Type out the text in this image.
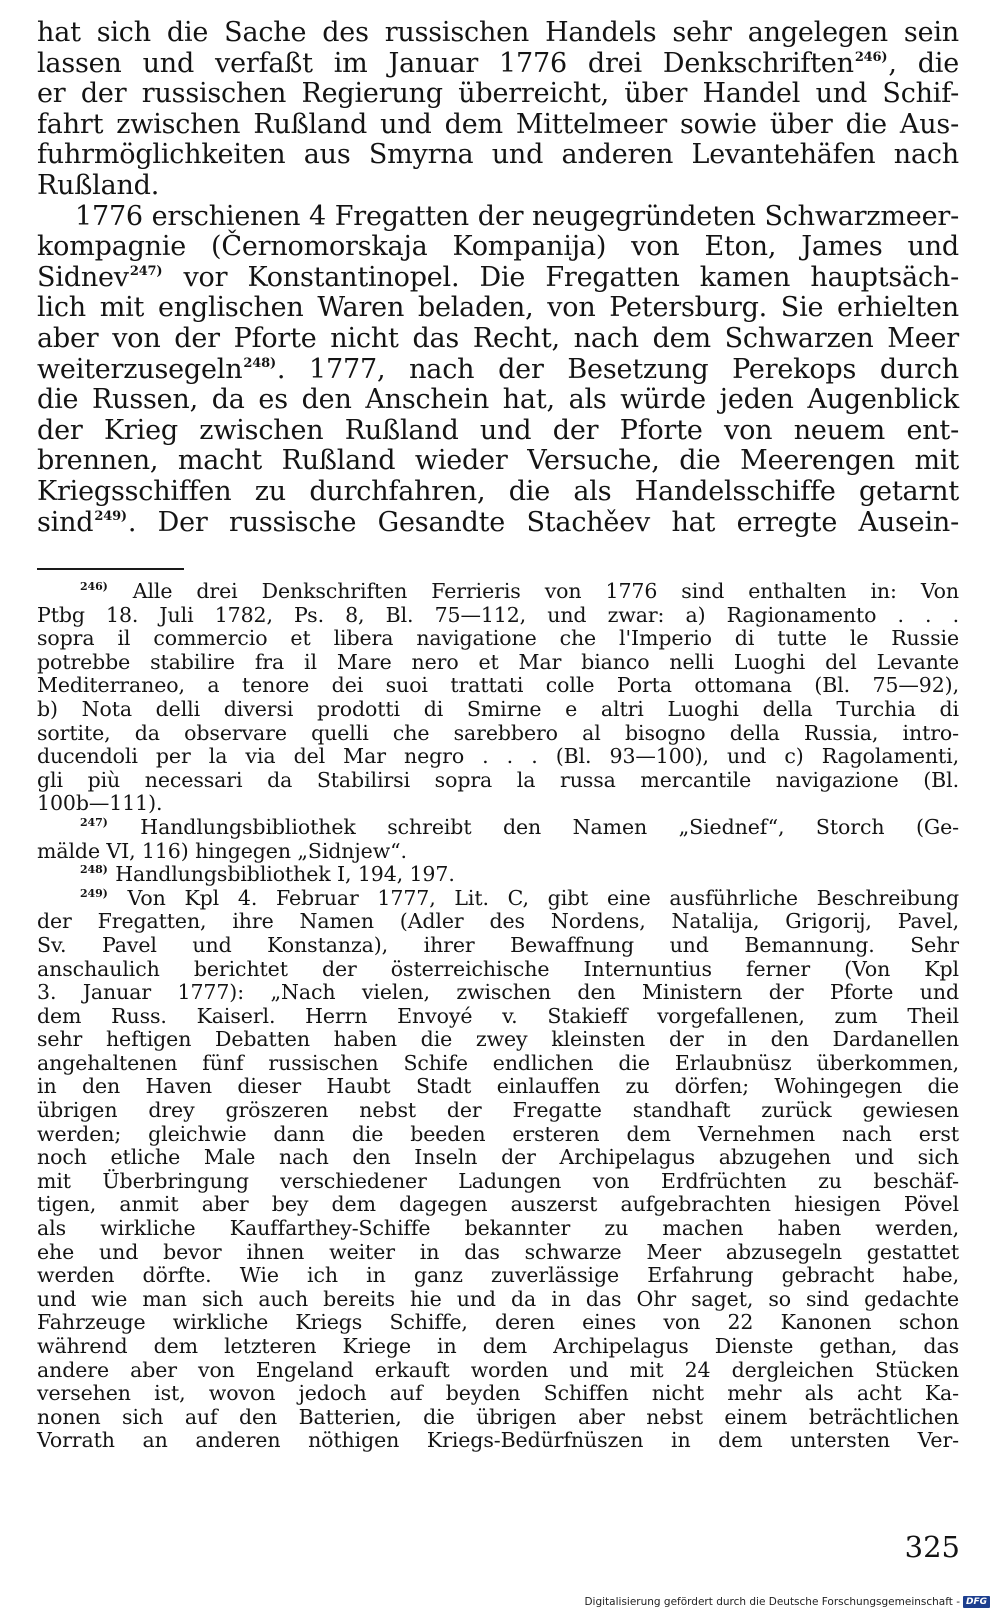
hat sich die Sache des russischen Handels sehr angelegen sein
lassen und verfaßt im Januar 1776 drei Denkschriften$^{246)}$, die
er der russischen Regierung überreicht, über Handel und Schif-
fahrt zwischen Rußland und dem Mittelmeer sowie über die Aus-
fuhrmöglichkeiten aus Smyrna und anderen Levantehäfen nach
Rußland.
1776 erschienen 4 Fregatten der neugegründeten Schwarzmeer-
kompagnie (Černomorskaja Kompanija) von Eton, James und
Sidnev$^{247)}$ vor Konstantinopel. Die Fregatten kamen hauptsäch-
lich mit englischen Waren beladen, von Petersburg. Sie erhielten
aber von der Pforte nicht das Recht, nach dem Schwarzen Meer
weiterzusegeln$^{248)}$. 1777, nach der Besetzung Perekops durch
die Russen, da es den Anschein hat, als würde jeden Augenblick
der Krieg zwischen Rußland und der Pforte von neuem ent-
brennen, macht Rußland wieder Versuche, die Meerengen mit
Kriegsschiffen zu durchfahren, die als Handelsschiffe getarnt
sind$^{249)}$. Der russische Gesandte Stachěev hat erregte Ausein-
$^{246)}$ Alle drei Denkschriften Ferrieris von 1776 sind enthalten in: Von
Ptbg 18. Juli 1782, Ps. 8, Bl. 75—112, und zwar: a) Ragionamento . . .
sopra il commercio et libera navigatione che l'Imperio di tutte le Russie
potrebbe stabilire fra il Mare nero et Mar bianco nelli Luoghi del Levante
Mediterraneo, a tenore dei suoi trattati colle Porta ottomana (Bl. 75—92),
b) Nota delli diversi prodotti di Smirne e altri Luoghi della Turchia di
sortite, da observare quelli che sarebbero al bisogno della Russia, intro-
ducendoli per la via del Mar negro . . . (Bl. 93—100), und c) Ragolamenti,
gli più necessari da Stabilirsi sopra la russa mercantile navigazione (Bl.
100b—111).
$^{247)}$ Handlungsbibliothek schreibt den Namen „Siednef“, Storch (Ge-
mälde VI, 116) hingegen „Sidnjew“.
$^{248)}$ Handlungsbibliothek I, 194, 197.
$^{249)}$ Von Kpl 4. Februar 1777, Lit. C, gibt eine ausführliche Beschreibung
der Fregatten, ihre Namen (Adler des Nordens, Natalija, Grigorij, Pavel,
Sv. Pavel und Konstanza), ihrer Bewaffnung und Bemannung. Sehr
anschaulich berichtet der österreichische Internuntius ferner (Von Kpl
3. Januar 1777): „Nach vielen, zwischen den Ministern der Pforte und
dem Russ. Kaiserl. Herrn Envoyé v. Stakieff vorgefallenen, zum Theil
sehr heftigen Debatten haben die zwey kleinsten der in den Dardanellen
angehaltenen fünf russischen Schife endlichen die Erlaubnüsz überkommen,
in den Haven dieser Haubt Stadt einlauffen zu dörfen; Wohingegen die
übrigen drey gröszeren nebst der Fregatte standhaft zurück gewiesen
werden; gleichwie dann die beeden ersteren dem Vernehmen nach erst
noch etliche Male nach den Inseln der Archipelagus abzugehen und sich
mit Überbringung verschiedener Ladungen von Erdfrüchten zu beschäf-
tigen, anmit aber bey dem dagegen auszerst aufgebrachten hiesigen Pövel
als wirkliche Kauffarthey-Schiffe bekannter zu machen haben werden,
ehe und bevor ihnen weiter in das schwarze Meer abzusegeln gestattet
werden dörfte. Wie ich in ganz zuverlässige Erfahrung gebracht habe,
und wie man sich auch bereits hie und da in das Ohr saget, so sind gedachte
Fahrzeuge wirkliche Kriegs Schiffe, deren eines von 22 Kanonen schon
während dem letzteren Kriege in dem Archipelagus Dienste gethan, das
andere aber von Engeland erkauft worden und mit 24 dergleichen Stücken
versehen ist, wovon jedoch auf beyden Schiffen nicht mehr als acht Ka-
nonen sich auf den Batterien, die übrigen aber nebst einem beträchtlichen
Vorrath an anderen nöthigen Kriegs-Bedürfnüszen in dem untersten Ver-
325
Digitalisierung gefördert durch die Deutsche Forschungsgemeinschaft - DFG
